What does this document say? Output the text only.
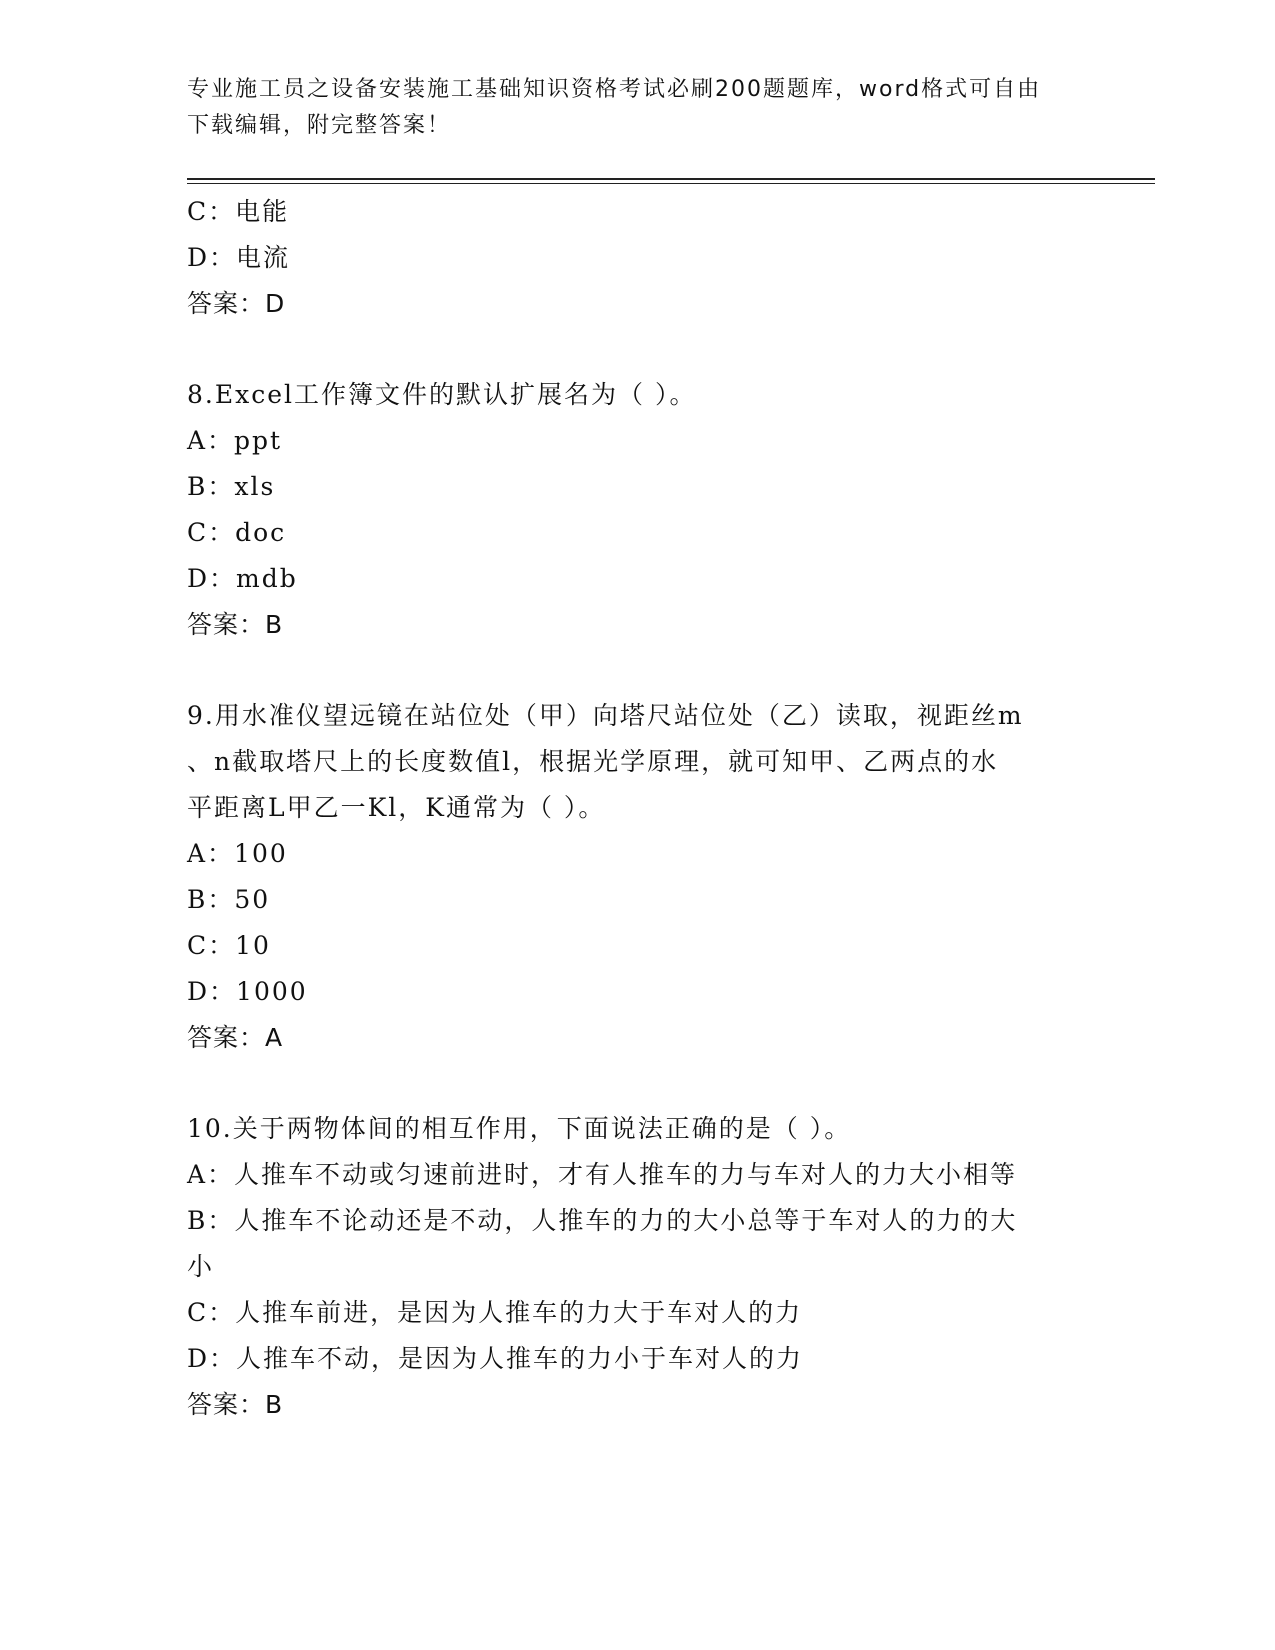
专业施工员之设备安装施工基础知识资格考试必刷200题题库，word格式可自由
下载编辑，附完整答案！
C：电能
D：电流
答案：D
8.Excel工作簿文件的默认扩展名为（ ）。
A：ppt
B：xls
C：doc
D：mdb
答案：B
9.用水准仪望远镜在站位处（甲）向塔尺站位处（乙）读取，视距丝m
、n截取塔尺上的长度数值l，根据光学原理，就可知甲、乙两点的水
平距离L甲乙一Kl，K通常为（ ）。
A：100
B：50
C：10
D：1000
答案：A
10.关于两物体间的相互作用，下面说法正确的是（ ）。
A：人推车不动或匀速前进时，才有人推车的力与车对人的力大小相等
B：人推车不论动还是不动，人推车的力的大小总等于车对人的力的大
小
C：人推车前进，是因为人推车的力大于车对人的力
D：人推车不动，是因为人推车的力小于车对人的力
答案：B
